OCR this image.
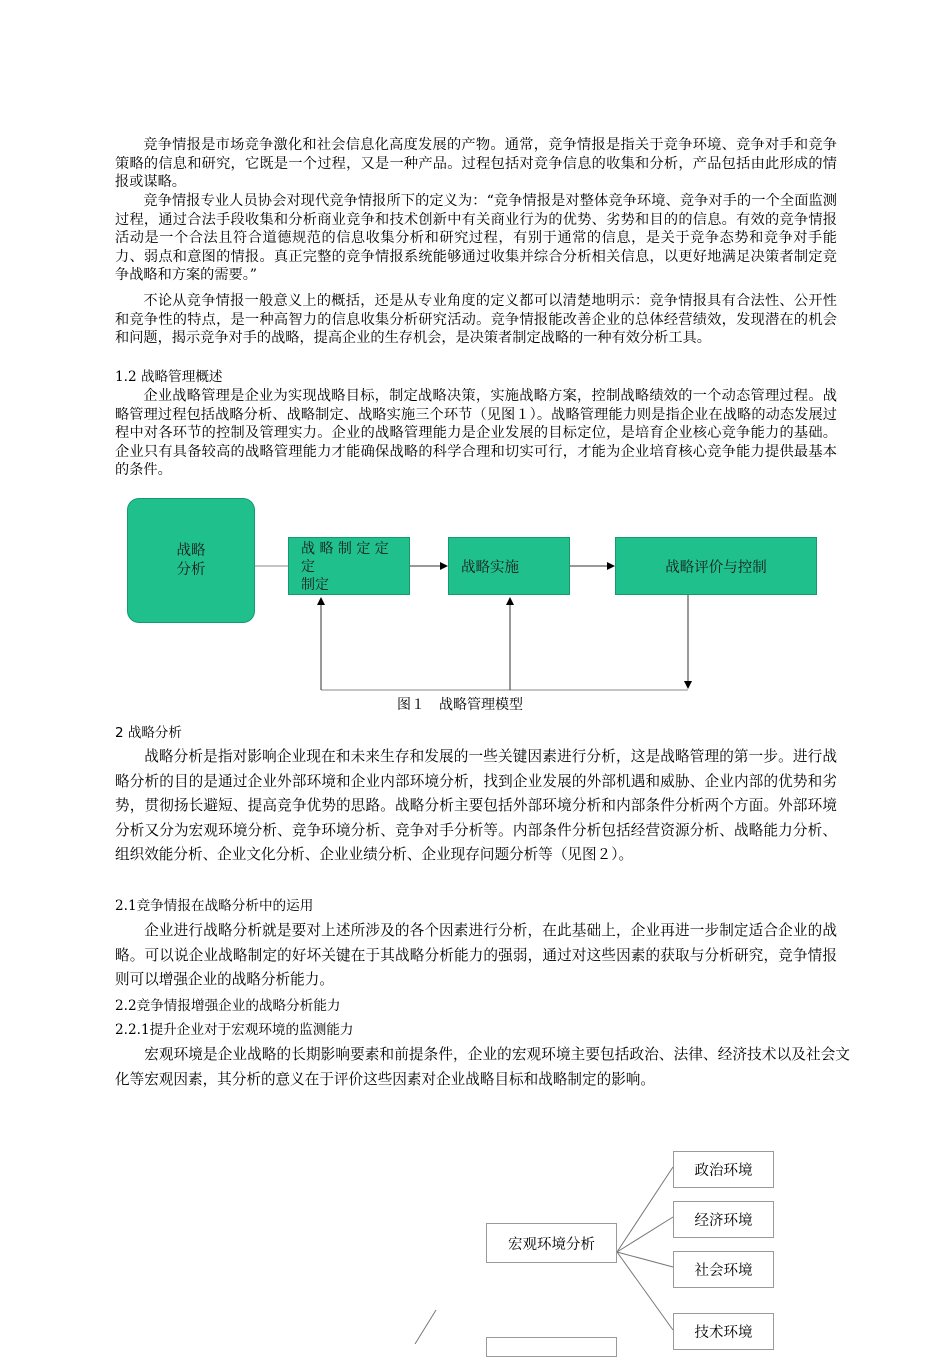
竞争情报是市场竞争激化和社会信息化高度发展的产物。通常，竞争情报是指关于竞争环境、竞争对手和竞争策略的信息和研究，它既是一个过程，又是一种产品。过程包括对竞争信息的收集和分析，产品包括由此形成的情报或谋略。

竞争情报专业人员协会对现代竞争情报所下的定义为：“竞争情报是对整体竞争环境、竞争对手的一个全面监测过程，通过合法手段收集和分析商业竞争和技术创新中有关商业行为的优势、劣势和目的的信息。有效的竞争情报活动是一个合法且符合道德规范的信息收集分析和研究过程，有别于通常的信息，是关于竞争态势和竞争对手能力、弱点和意图的情报。真正完整的竞争情报系统能够通过收集并综合分析相关信息，以更好地满足决策者制定竞争战略和方案的需要。”

不论从竞争情报一般意义上的概括，还是从专业角度的定义都可以清楚地明示：竞争情报具有合法性、公开性和竞争性的特点，是一种高智力的信息收集分析研究活动。竞争情报能改善企业的总体经营绩效，发现潜在的机会和问题，揭示竞争对手的战略，提高企业的生存机会，是决策者制定战略的一种有效分析工具。

1.2 战略管理概述

企业战略管理是企业为实现战略目标，制定战略决策，实施战略方案，控制战略绩效的一个动态管理过程。战略管理过程包括战略分析、战略制定、战略实施三个环节（见图１）。战略管理能力则是指企业在战略的动态发展过程中对各环节的控制及管理实力。企业的战略管理能力是企业发展的目标定位，是培育企业核心竞争能力的基础。企业只有具备较高的战略管理能力才能确保战略的科学合理和切实可行，才能为企业培育核心竞争能力提供最基本的条件。

战略
分析
战 略 制 定 定
定
制定
战略实施	战略评价与控制
图１　战略管理模型

2 战略分析

战略分析是指对影响企业现在和未来生存和发展的一些关键因素进行分析，这是战略管理的第一步。进行战略分析的目的是通过企业外部环境和企业内部环境分析，找到企业发展的外部机遇和威胁、企业内部的优势和劣势，贯彻扬长避短、提高竞争优势的思路。战略分析主要包括外部环境分析和内部条件分析两个方面。外部环境分析又分为宏观环境分析、竞争环境分析、竞争对手分析等。内部条件分析包括经营资源分析、战略能力分析、组织效能分析、企业文化分析、企业业绩分析、企业现存问题分析等（见图２）。

2.1竞争情报在战略分析中的运用

企业进行战略分析就是要对上述所涉及的各个因素进行分析，在此基础上，企业再进一步制定适合企业的战略。可以说企业战略制定的好坏关键在于其战略分析能力的强弱，通过对这些因素的获取与分析研究，竞争情报则可以增强企业的战略分析能力。

2.2竞争情报增强企业的战略分析能力

2.2.1提升企业对于宏观环境的监测能力

宏观环境是企业战略的长期影响要素和前提条件，企业的宏观环境主要包括政治、法律、经济技术以及社会文化等宏观因素，其分析的意义在于评价这些因素对企业战略目标和战略制定的影响。

宏观环境分析
政治环境
经济环境
社会环境
技术环境
